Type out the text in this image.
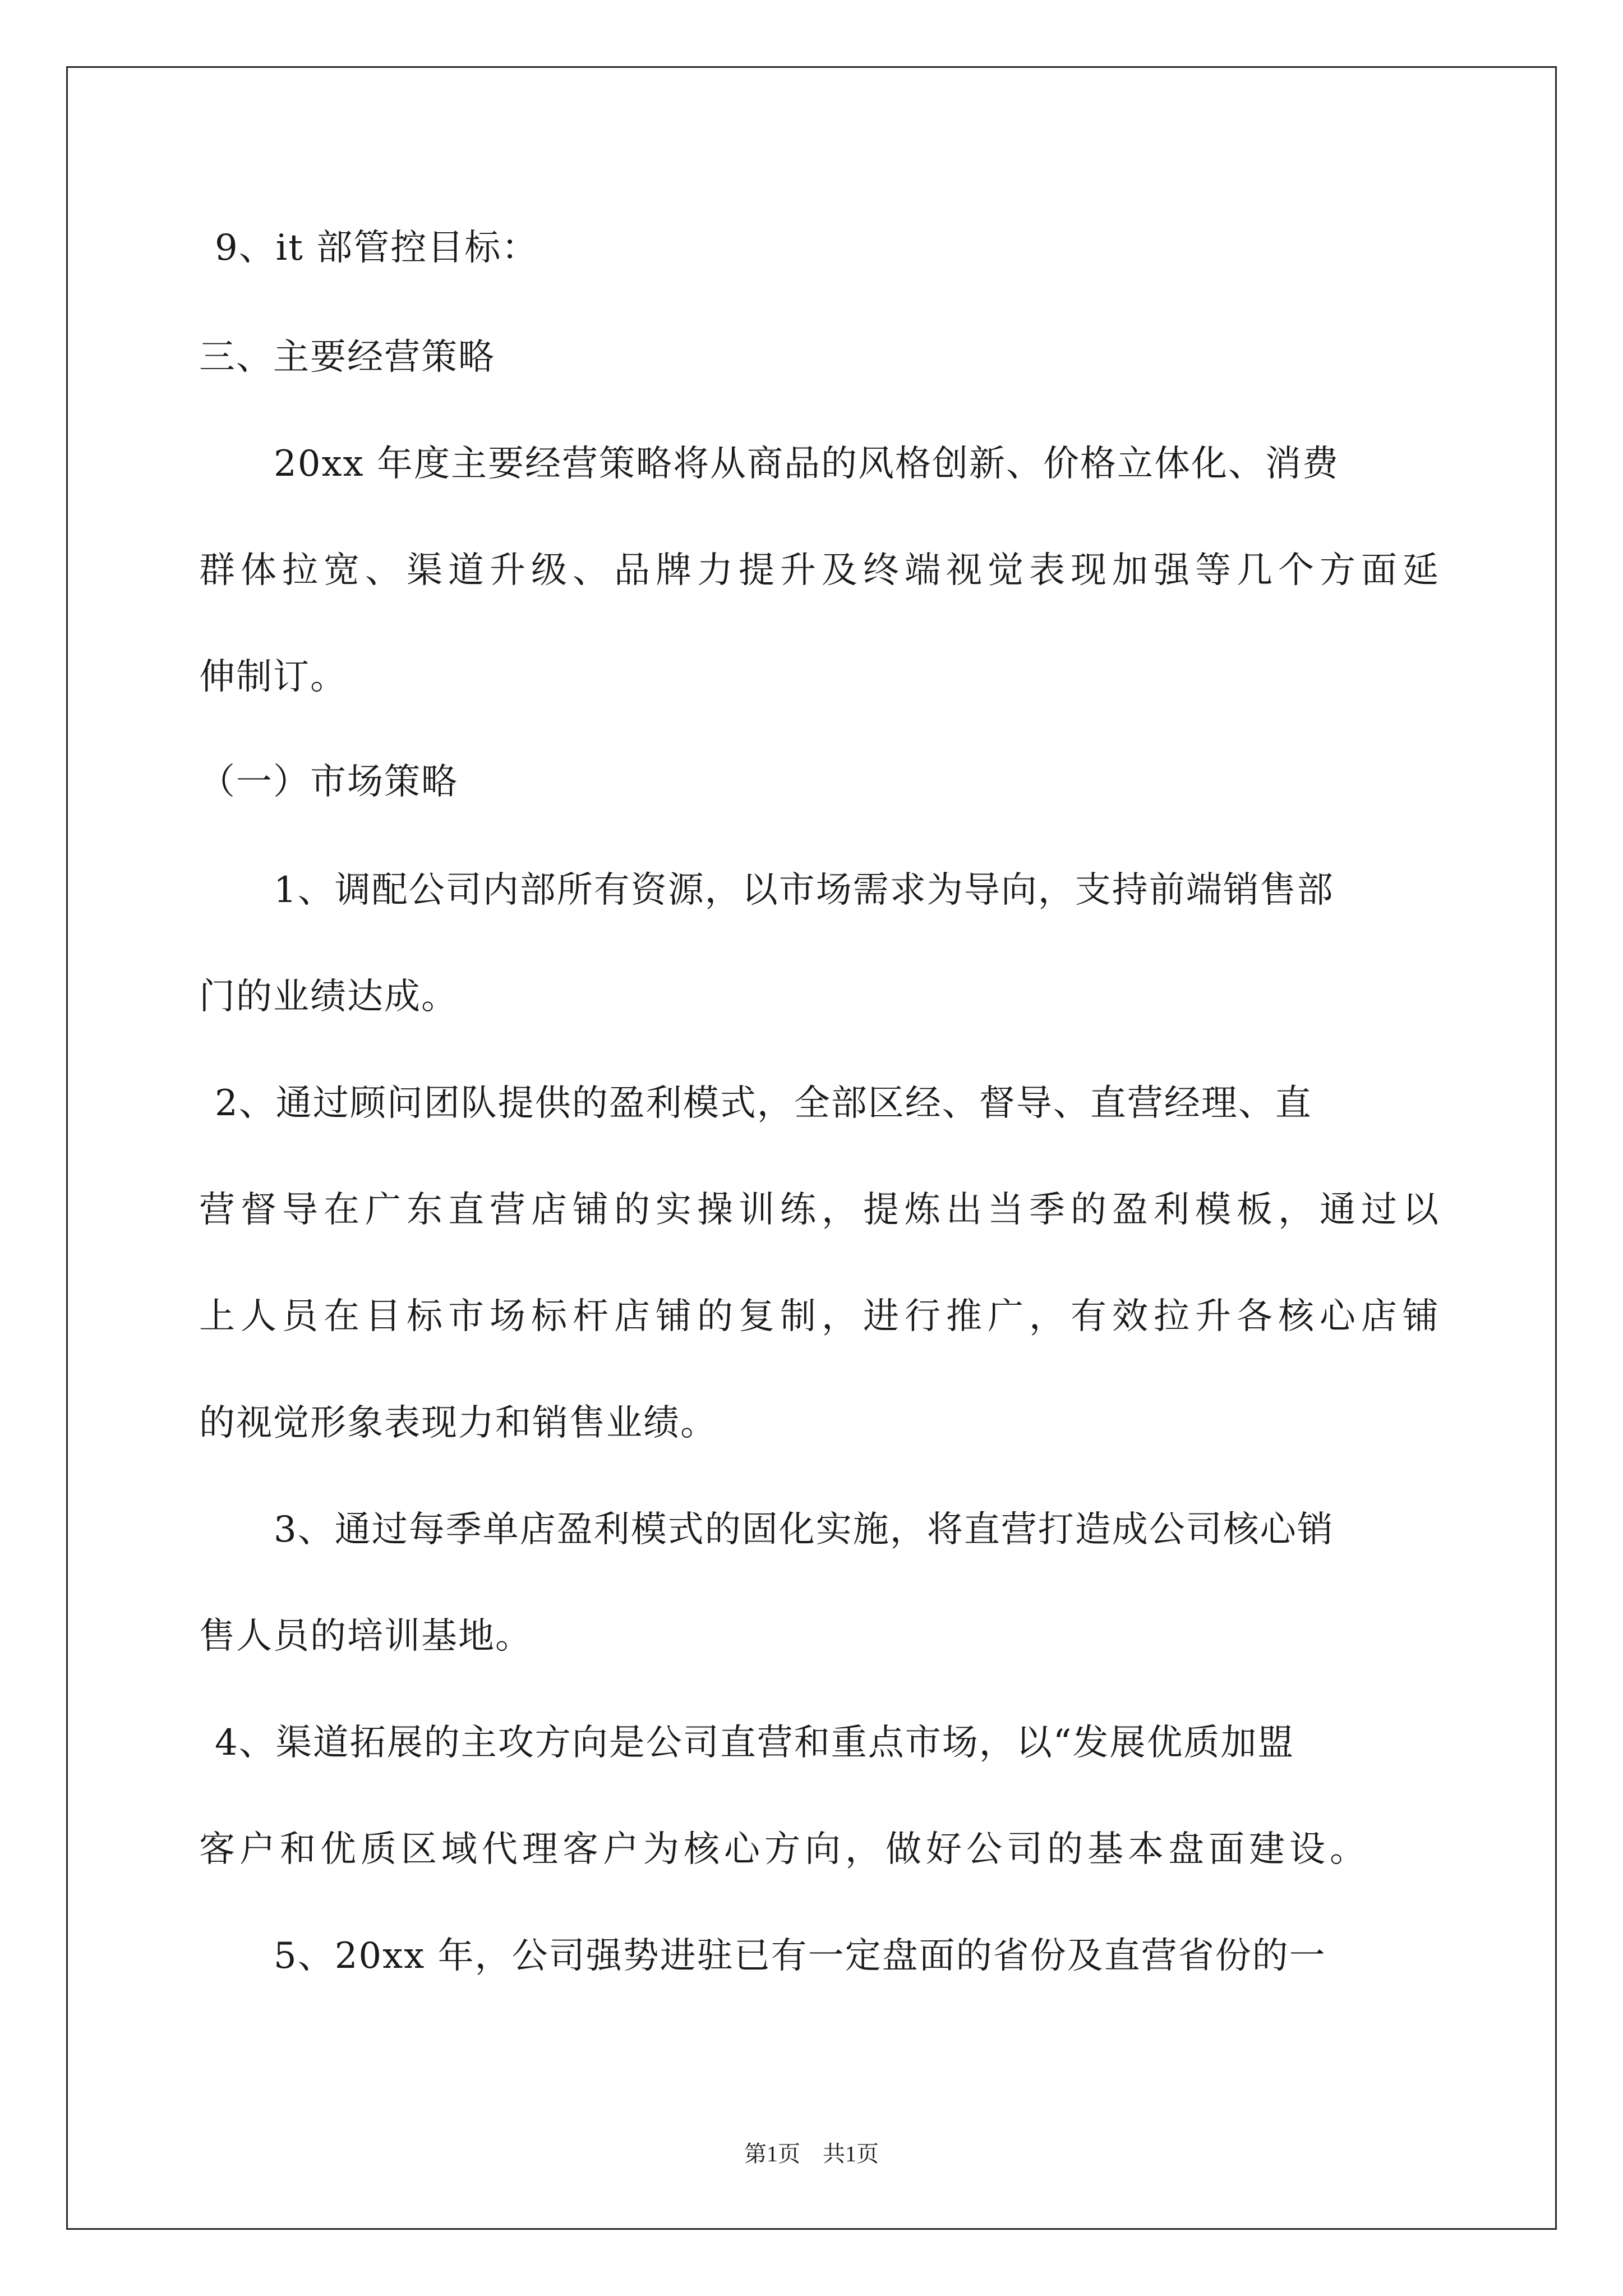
9、it 部管控目标：
三、主要经营策略
20xx 年度主要经营策略将从商品的风格创新、价格立体化、消费
群体拉宽、渠道升级、品牌力提升及终端视觉表现加强等几个方面延
伸制订。
（一）市场策略
1、调配公司内部所有资源，以市场需求为导向，支持前端销售部
门的业绩达成。
2、通过顾问团队提供的盈利模式，全部区经、督导、直营经理、直
营督导在广东直营店铺的实操训练，提炼出当季的盈利模板，通过以
上人员在目标市场标杆店铺的复制，进行推广，有效拉升各核心店铺
的视觉形象表现力和销售业绩。
3、通过每季单店盈利模式的固化实施，将直营打造成公司核心销
售人员的培训基地。
4、渠道拓展的主攻方向是公司直营和重点市场，以“发展优质加盟
客户和优质区域代理客户为核心方向，做好公司的基本盘面建设。
5、20xx 年，公司强势进驻已有一定盘面的省份及直营省份的一
第1页　共1页
